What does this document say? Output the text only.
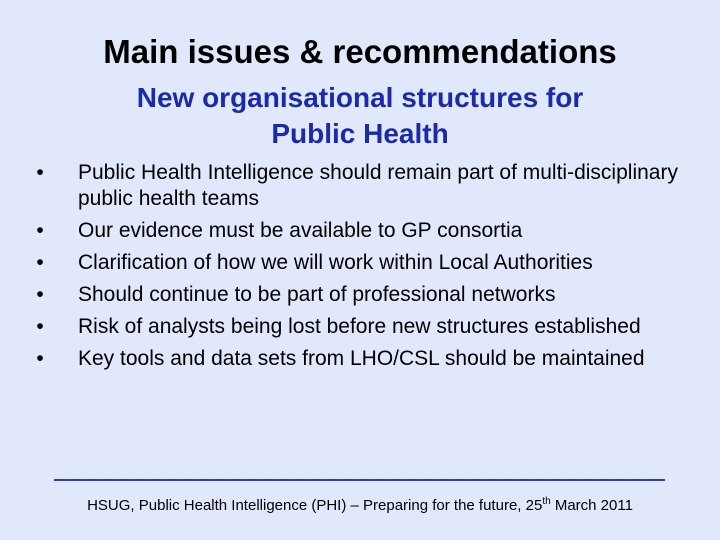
Main issues & recommendations
New organisational structures for
Public Health
•	Public Health Intelligence should remain part of multi-disciplinary public health teams
•	Our evidence must be available to GP consortia
•	Clarification of how we will work within Local Authorities
•	Should continue to be part of professional networks
•	Risk of analysts being lost before new structures established
•	Key tools and data sets from LHO/CSL should be maintained
HSUG, Public Health Intelligence (PHI) – Preparing for the future, 25th March 2011
